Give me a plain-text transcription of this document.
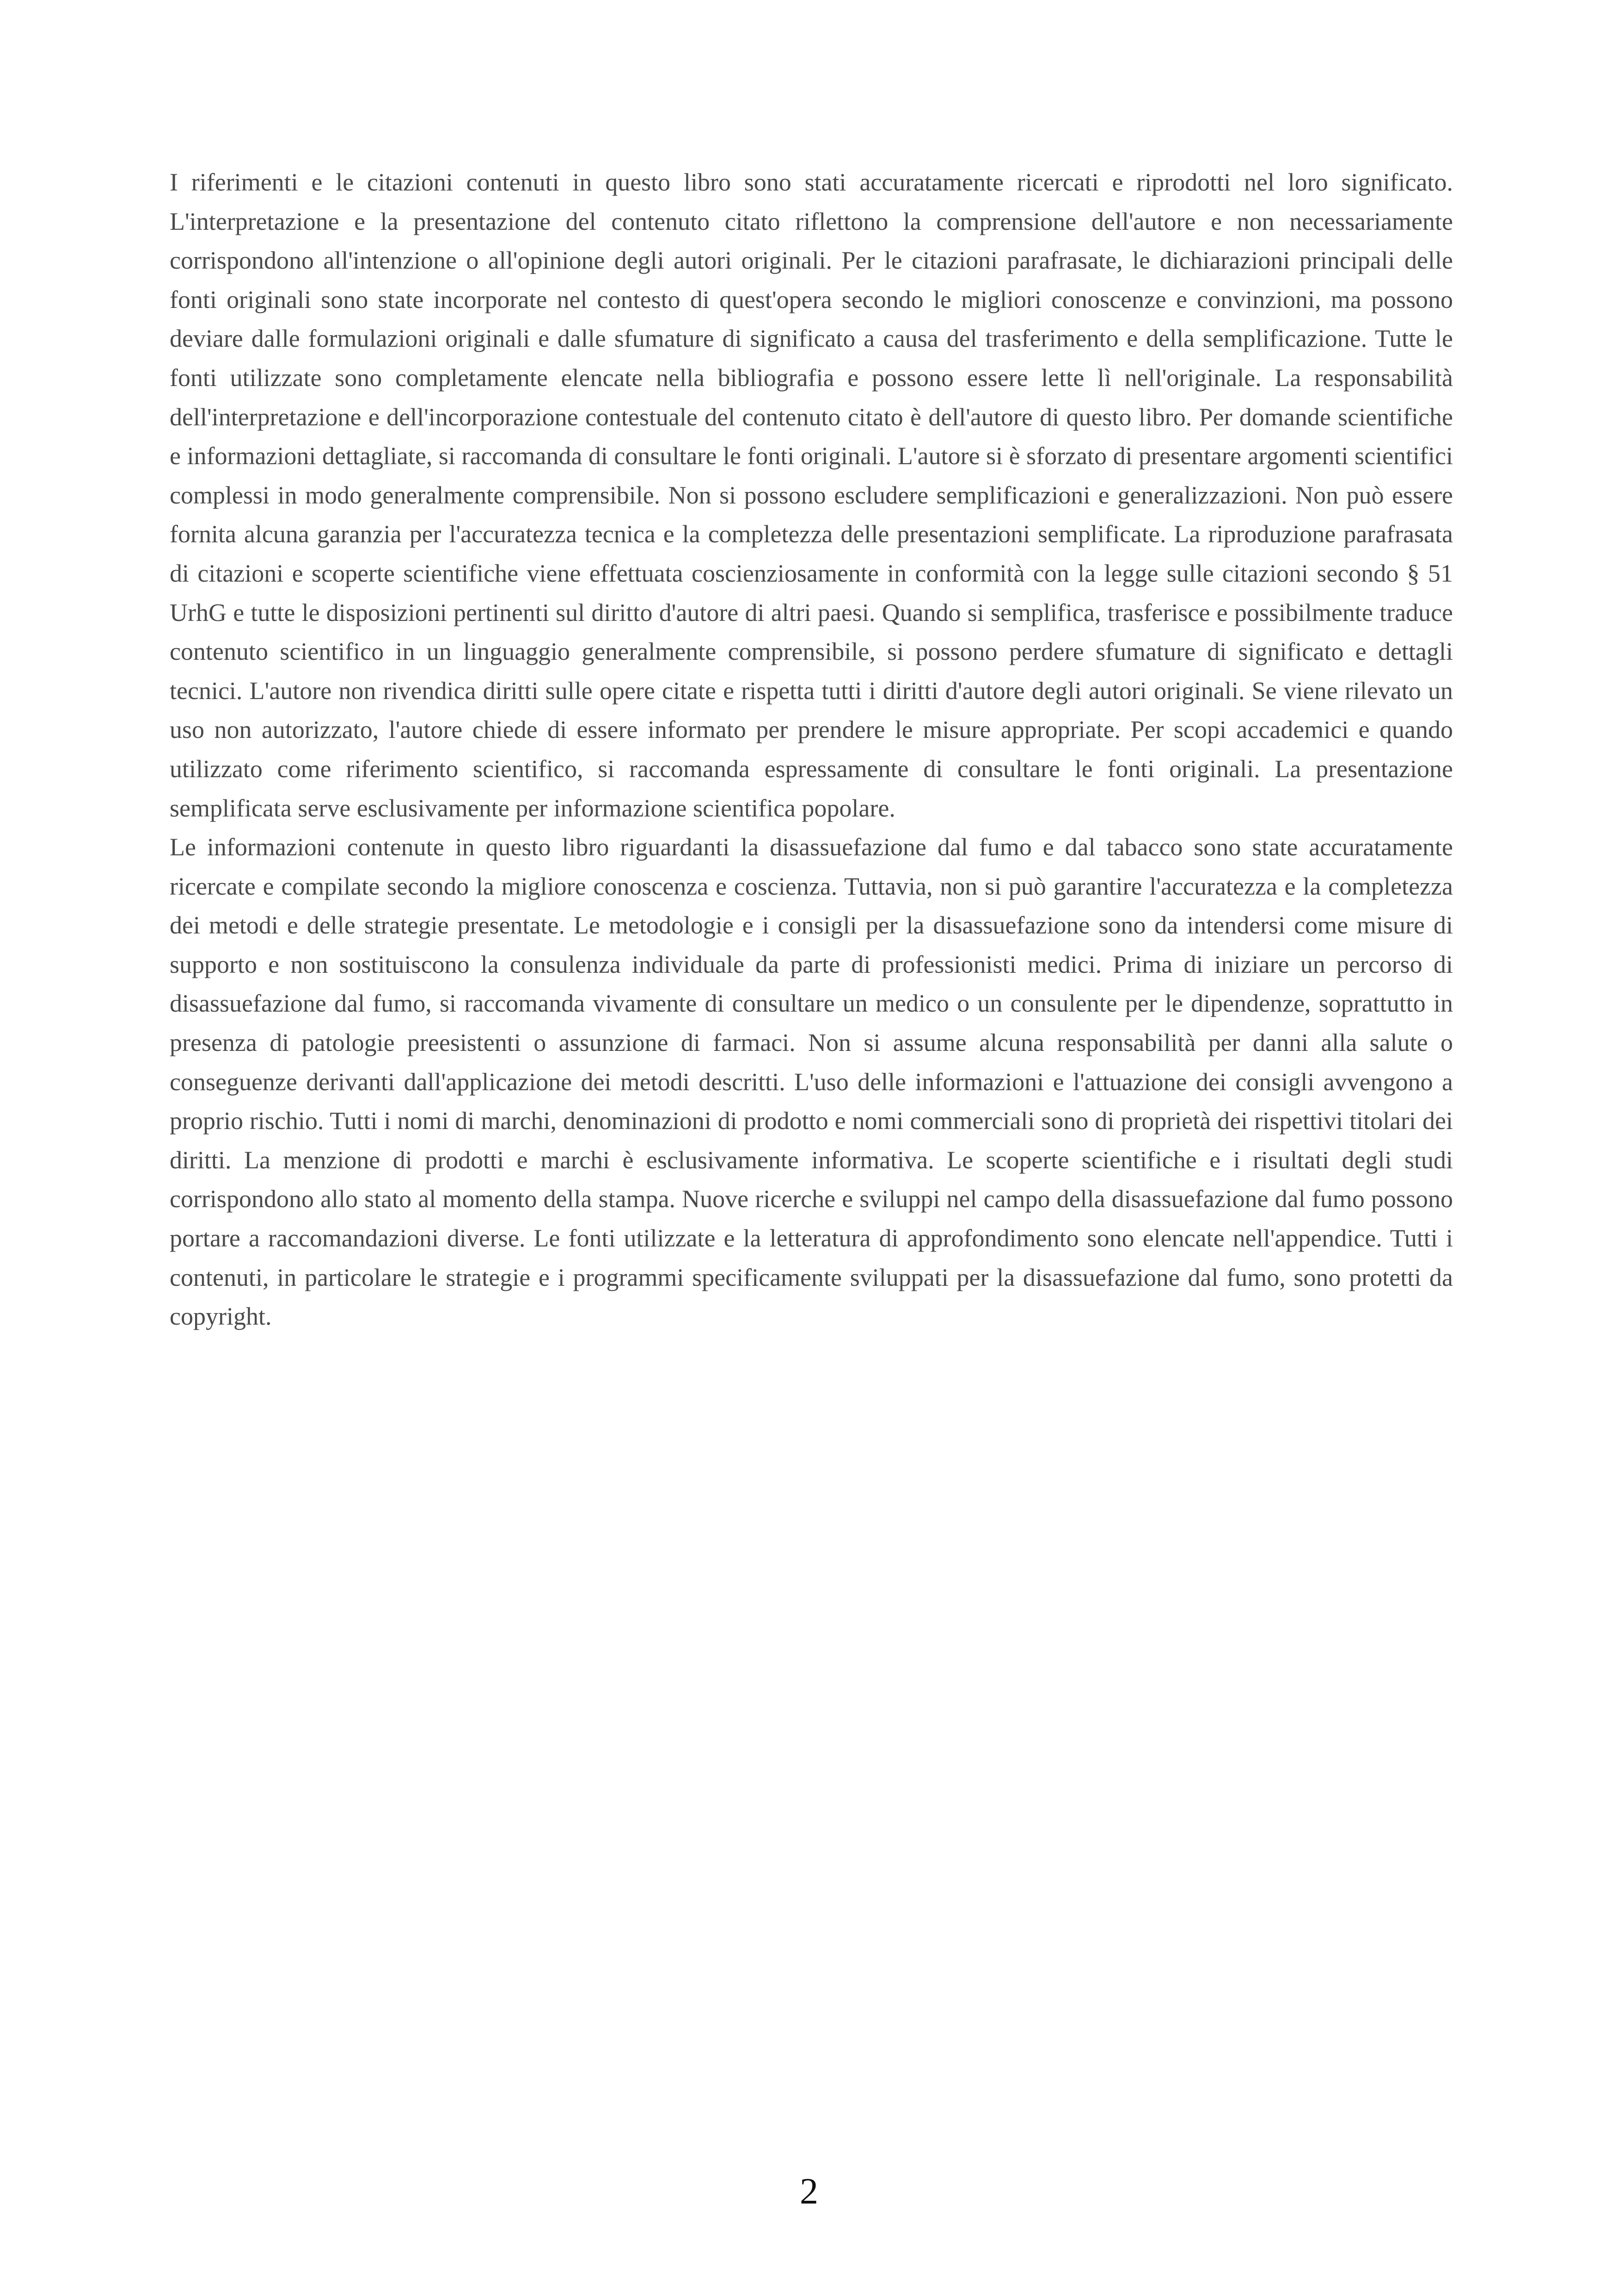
I riferimenti e le citazioni contenuti in questo libro sono stati accuratamente ricercati e riprodotti nel loro significato. L'interpretazione e la presentazione del contenuto citato riflettono la comprensione dell'autore e non necessariamente corrispondono all'intenzione o all'opinione degli autori originali. Per le citazioni parafrasate, le dichiarazioni principali delle fonti originali sono state incorporate nel contesto di quest'opera secondo le migliori conoscenze e convinzioni, ma possono deviare dalle formulazioni originali e dalle sfumature di significato a causa del trasferimento e della semplificazione. Tutte le fonti utilizzate sono completamente elencate nella bibliografia e possono essere lette lì nell'originale. La responsabilità dell'interpretazione e dell'incorporazione contestuale del contenuto citato è dell'autore di questo libro. Per domande scientifiche e informazioni dettagliate, si raccomanda di consultare le fonti originali. L'autore si è sforzato di presentare argomenti scientifici complessi in modo generalmente comprensibile. Non si possono escludere semplificazioni e generalizzazioni. Non può essere fornita alcuna garanzia per l'accuratezza tecnica e la completezza delle presentazioni semplificate. La riproduzione parafrasata di citazioni e scoperte scientifiche viene effettuata coscienziosamente in conformità con la legge sulle citazioni secondo § 51 UrhG e tutte le disposizioni pertinenti sul diritto d'autore di altri paesi. Quando si semplifica, trasferisce e possibilmente traduce contenuto scientifico in un linguaggio generalmente comprensibile, si possono perdere sfumature di significato e dettagli tecnici. L'autore non rivendica diritti sulle opere citate e rispetta tutti i diritti d'autore degli autori originali. Se viene rilevato un uso non autorizzato, l'autore chiede di essere informato per prendere le misure appropriate. Per scopi accademici e quando utilizzato come riferimento scientifico, si raccomanda espressamente di consultare le fonti originali. La presentazione semplificata serve esclusivamente per informazione scientifica popolare.

Le informazioni contenute in questo libro riguardanti la disassuefazione dal fumo e dal tabacco sono state accuratamente ricercate e compilate secondo la migliore conoscenza e coscienza. Tuttavia, non si può garantire l'accuratezza e la completezza dei metodi e delle strategie presentate. Le metodologie e i consigli per la disassuefazione sono da intendersi come misure di supporto e non sostituiscono la consulenza individuale da parte di professionisti medici. Prima di iniziare un percorso di disassuefazione dal fumo, si raccomanda vivamente di consultare un medico o un consulente per le dipendenze, soprattutto in presenza di patologie preesistenti o assunzione di farmaci. Non si assume alcuna responsabilità per danni alla salute o conseguenze derivanti dall'applicazione dei metodi descritti. L'uso delle informazioni e l'attuazione dei consigli avvengono a proprio rischio. Tutti i nomi di marchi, denominazioni di prodotto e nomi commerciali sono di proprietà dei rispettivi titolari dei diritti. La menzione di prodotti e marchi è esclusivamente informativa. Le scoperte scientifiche e i risultati degli studi corrispondono allo stato al momento della stampa. Nuove ricerche e sviluppi nel campo della disassuefazione dal fumo possono portare a raccomandazioni diverse. Le fonti utilizzate e la letteratura di approfondimento sono elencate nell'appendice. Tutti i contenuti, in particolare le strategie e i programmi specificamente sviluppati per la disassuefazione dal fumo, sono protetti da copyright.

2
